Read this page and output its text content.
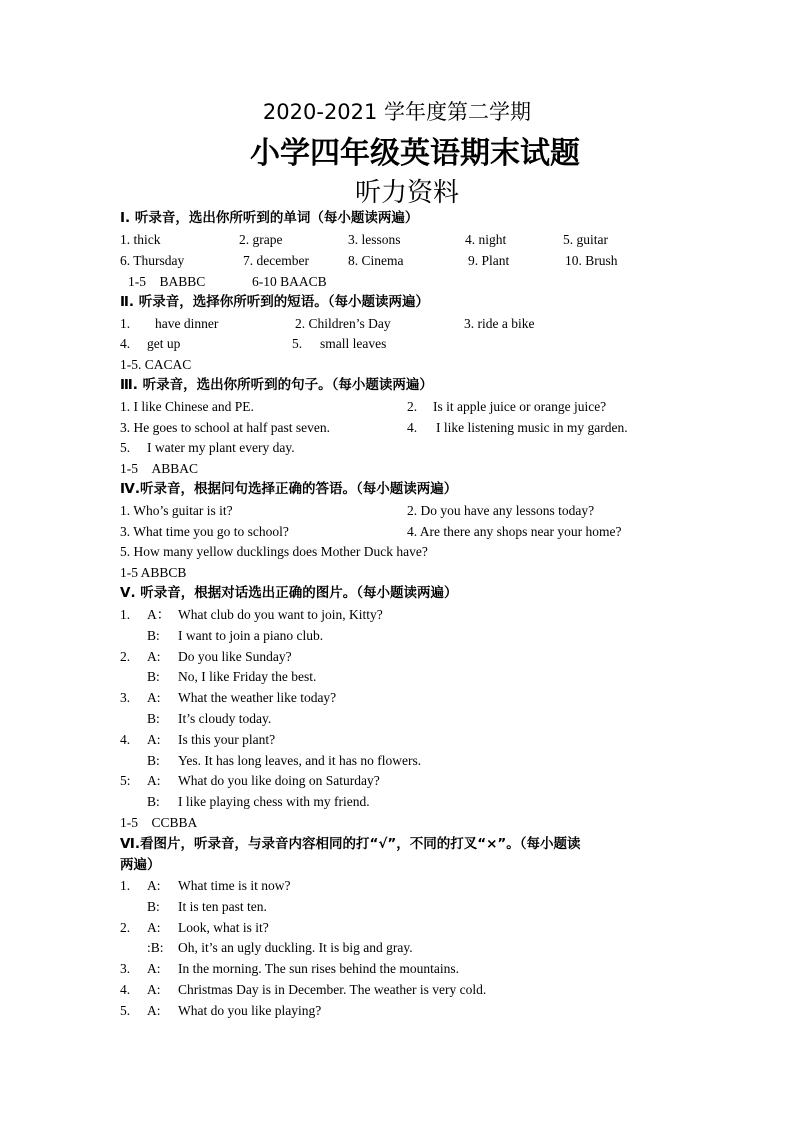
2020-2021 学年度第二学期
小学四年级英语期末试题
听力资料
Ⅰ. 听录音，选出你所听到的单词（每小题读两遍）
1. thick	2. grape	3. lessons	4. night	5. guitar
6. Thursday	7. december	8. Cinema	9. Plant	10. Brush
1-5　BABBC	6-10 BAACB
Ⅱ. 听录音，选择你所听到的短语。（每小题读两遍）
1. have dinner	2. Children’s Day	3. ride a bike
4. get up	5. small leaves
1-5. CACAC
Ⅲ. 听录音，选出你所听到的句子。（每小题读两遍）
1. I like Chinese and PE.	2. Is it apple juice or orange juice?
3. He goes to school at half past seven.	4. I like listening music in my garden.
5. I water my plant every day.
1-5　ABBAC
Ⅳ.听录音，根据问句选择正确的答语。（每小题读两遍）
1. Who’s guitar is it?	2. Do you have any lessons today?
3. What time you go to school?	4. Are there any shops near your home?
5. How many yellow ducklings does Mother Duck have?
1-5 ABBCB
Ⅴ. 听录音，根据对话选出正确的图片。（每小题读两遍）
1. A： What club do you want to join, Kitty?
B: I want to join a piano club.
2. A: Do you like Sunday?
B: No, I like Friday the best.
3. A: What the weather like today?
B: It’s cloudy today.
4. A: Is this your plant?
B: Yes. It has long leaves, and it has no flowers.
5: A: What do you like doing on Saturday?
B: I like playing chess with my friend.
1-5　CCBBA
Ⅵ.看图片，听录音，与录音内容相同的打“√”，不同的打叉“×”。（每小题读
两遍）
1. A: What time is it now?
B: It is ten past ten.
2. A: Look, what is it?
:B: Oh, it’s an ugly duckling. It is big and gray.
3. A: In the morning. The sun rises behind the mountains.
4. A: Christmas Day is in December. The weather is very cold.
5. A: What do you like playing?
